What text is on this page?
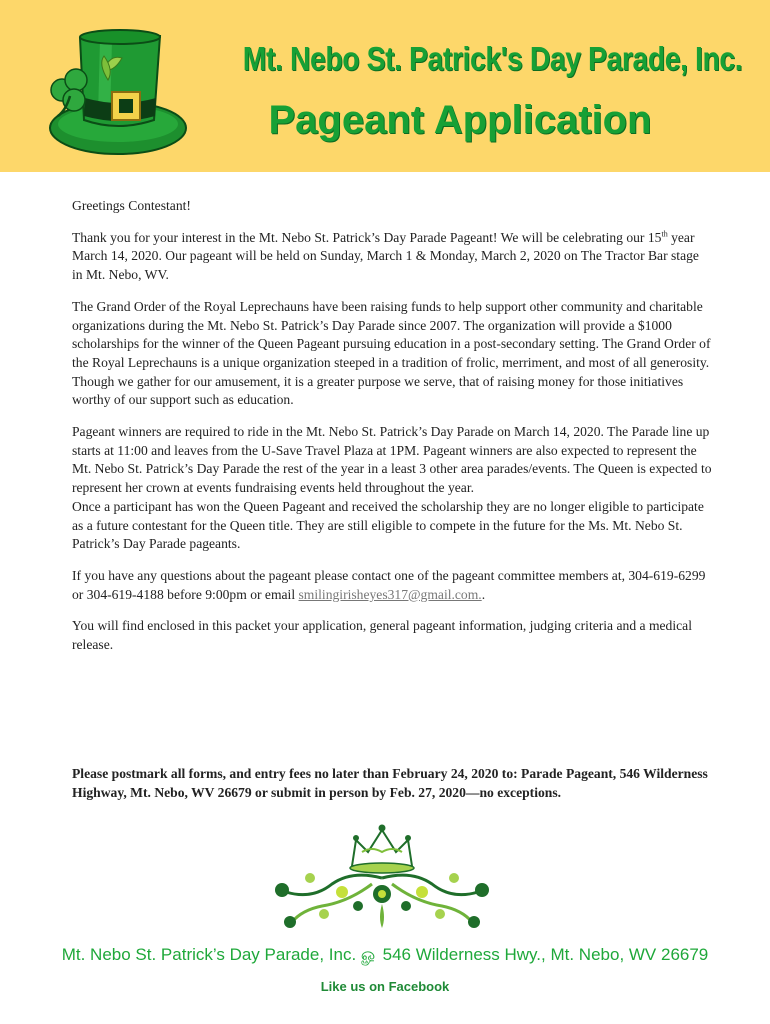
Mt. Nebo St. Patrick's Day Parade, Inc.
Pageant Application

Greetings Contestant!

Thank you for your interest in the Mt. Nebo St. Patrick’s Day Parade Pageant! We will be celebrating our 15th year March 14, 2020. Our pageant will be held on Sunday, March 1 & Monday, March 2, 2020 on The Tractor Bar stage in Mt. Nebo, WV.

The Grand Order of the Royal Leprechauns have been raising funds to help support other community and charitable organizations during the Mt. Nebo St. Patrick’s Day Parade since 2007. The organization will provide a $1000 scholarships for the winner of the Queen Pageant pursuing education in a post-secondary setting. The Grand Order of the Royal Leprechauns is a unique organization steeped in a tradition of frolic, merriment, and most of all generosity. Though we gather for our amusement, it is a greater purpose we serve, that of raising money for those initiatives worthy of our support such as education.

Pageant winners are required to ride in the Mt. Nebo St. Patrick’s Day Parade on March 14, 2020. The Parade line up starts at 11:00 and leaves from the U-Save Travel Plaza at 1PM. Pageant winners are also expected to represent the Mt. Nebo St. Patrick’s Day Parade the rest of the year in a least 3 other area parades/events. The Queen is expected to represent her crown at events fundraising events held throughout the year.

Once a participant has won the Queen Pageant and received the scholarship they are no longer eligible to participate as a future contestant for the Queen title. They are still eligible to compete in the future for the Ms. Mt. Nebo St. Patrick’s Day Parade pageants.

If you have any questions about the pageant please contact one of the pageant committee members at, 304-619-6299 or 304-619-4188 before 9:00pm or email smilingirisheyes317@gmail.com..

You will find enclosed in this packet your application, general pageant information, judging criteria and a medical release.

Please postmark all forms, and entry fees no later than February 24, 2020 to: Parade Pageant, 546 Wilderness Highway, Mt. Nebo, WV 26679 or submit in person by Feb. 27, 2020—no exceptions.
Mt. Nebo St. Patrick’s Day Parade, Inc. ௐ 546 Wilderness Hwy., Mt. Nebo, WV 26679
Like us on Facebook
